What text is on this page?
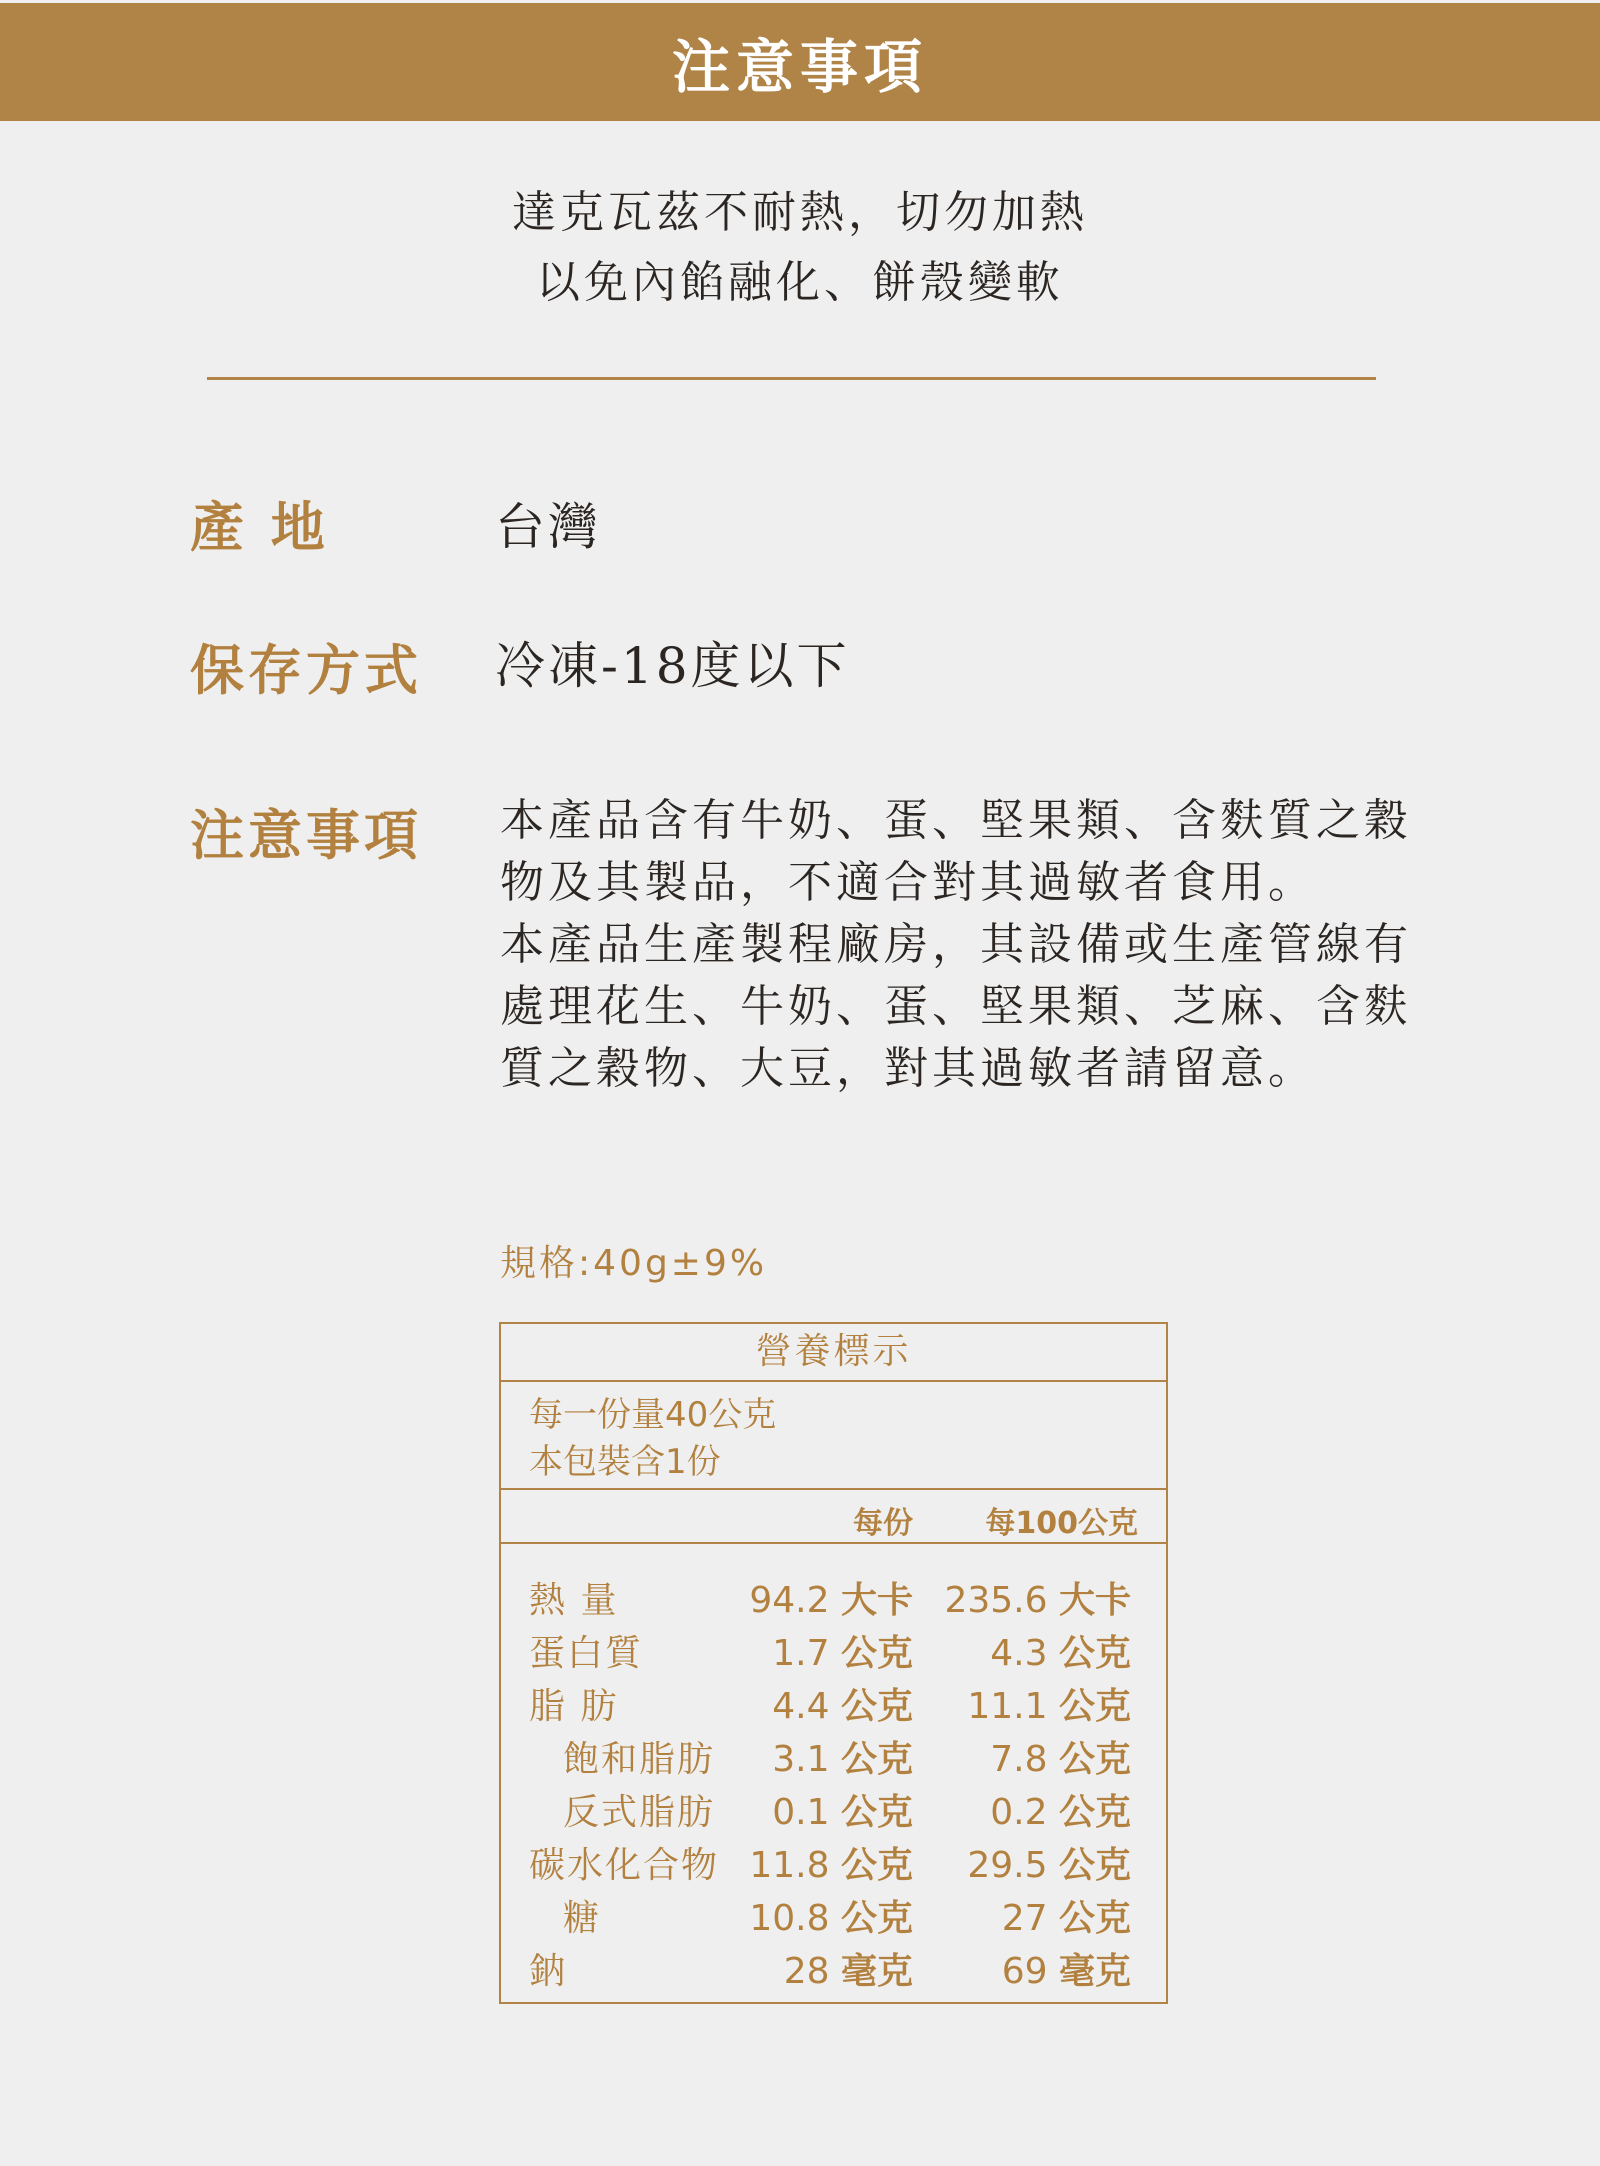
注意事項
達克瓦茲不耐熱，切勿加熱
以免內餡融化、餅殼變軟
產 地	台灣
保存方式 冷凍-18度以下
注意事項 本產品含有牛奶、蛋、堅果類、含麩質之穀物及其製品，不適合對其過敏者食用。

本產品生產製程廠房，其設備或生產管線有處理花生、牛奶、蛋、堅果類、芝麻、含麩質之穀物、大豆，對其過敏者請留意。

規格:40g±9%
營養標示
每一份量40公克
本包裝含1份
每份 每100公克
熱 量	94.2 大卡 235.6 大卡
蛋白質	1.7 公克 4.3 公克
脂 肪	4.4 公克 11.1 公克
飽和脂肪 3.1 公克 7.8 公克
反式脂肪 0.1 公克 0.2 公克
碳水化合物 11.8 公克 29.5 公克
糖	10.8 公克 27 公克
鈉	28 毫克 69 毫克
